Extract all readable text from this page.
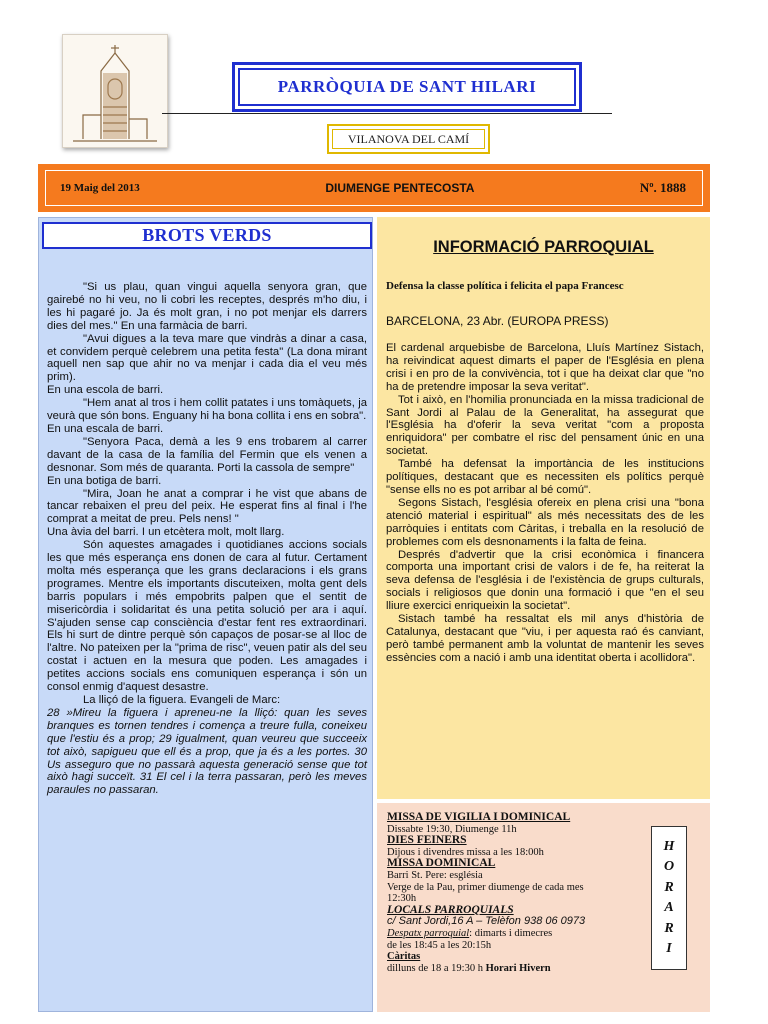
PARRÒQUIA DE SANT HILARI
VILANOVA DEL CAMÍ
19 Maig del 2013	DIUMENGE PENTECOSTA	Nº. 1888
BROTS VERDS

"Si us plau, quan vingui aquella senyora gran, que gairebé no hi veu, no li cobri les receptes, després m'ho diu, i les hi pagaré jo. Ja és molt gran, i no pot menjar els darrers dies del mes." En una farmàcia de barri.

"Avui digues a la teva mare que vindràs a dinar a casa, et convidem perquè celebrem una petita festa" (La dona mirant aquell nen sap que ahir no va menjar i cada dia el veu més prim).

En una escola de barri.

"Hem anat al tros i hem collit patates i uns tomàquets, ja veurà que són bons. Enguany hi ha bona collita i ens en sobra".

En una escala de barri.

"Senyora Paca, demà a les 9 ens trobarem al carrer davant de la casa de la família del Fermin que els venen a desnonar. Som més de quaranta. Porti la cassola de sempre"

En una botiga de barri.

"Mira, Joan he anat a comprar i he vist que abans de tancar rebaixen el preu del peix. He esperat fins al final i l'he comprat a meitat de preu. Pels nens! "

Una àvia del barri. I un etcètera molt, molt llarg.

Són aquestes amagades i quotidianes accions socials les que més esperança ens donen de cara al futur. Certament molta més esperança que les grans declaracions i els grans programes. Mentre els importants discuteixen, molta gent dels barris populars i més empobrits palpen que el sentit de misericòrdia i solidaritat és una petita solució per ara i aquí. S'ajuden sense cap consciència d'estar fent res extraordinari. Els hi surt de dintre perquè són capaços de posar-se al lloc de l'altre. No pateixen per la "prima de risc", veuen patir als del seu costat i actuen en la mesura que poden. Les amagades i petites accions socials ens comuniquen esperança i són un consol enmig d'aquest desastre.

La lliçó de la figuera. Evangeli de Marc:

28 »Mireu la figuera i apreneu-ne la lliçó: quan les seves branques es tornen tendres i comença a treure fulla, coneixeu que l'estiu és a prop; 29 igualment, quan veureu que succeeix tot això, sapigueu que ell és a prop, que ja és a les portes. 30 Us asseguro que no passarà aquesta generació sense que tot això hagi succeït. 31 El cel i la terra passaran, però les meves paraules no passaran.

INFORMACIÓ PARROQUIAL
Defensa la classe política i felicita el papa Francesc
BARCELONA, 23 Abr. (EUROPA PRESS)

El cardenal arquebisbe de Barcelona, Lluís Martínez Sistach, ha reivindicat aquest dimarts el paper de l'Església en plena crisi i en pro de la convivència, tot i que ha deixat clar que "no ha de pretendre imposar la seva veritat".

Tot i això, en l'homilia pronunciada en la missa tradicional de Sant Jordi al Palau de la Generalitat, ha assegurat que l'Església ha d'oferir la seva veritat "com a proposta enriquidora" per combatre el risc del pensament únic en una societat.

També ha defensat la importància de les institucions polítiques, destacant que es necessiten els polítics perquè "sense ells no es pot arribar al bé comú".

Segons Sistach, l'església ofereix en plena crisi una "bona atenció material i espiritual" als més necessitats des de les parròquies i entitats com Càritas, i treballa en la resolució de problemes com els desnonaments i la falta de feina.

Després d'advertir que la crisi econòmica i financera comporta una important crisi de valors i de fe, ha reiterat la seva defensa de l'església i de l'existència de grups culturals, socials i religiosos que donin una formació i que "en el seu lliure exercici enriqueixin la societat".

Sistach també ha ressaltat els mil anys d'història de Catalunya, destacant que "viu, i per aquesta raó és canviant, però també permanent amb la voluntat de mantenir les seves essències com a nació i amb una identitat oberta i acollidora".

MISSA DE VIGILIA I DOMINICAL
Dissabte 19:30, Diumenge 11h
DIES FEINERS
Dijous i divendres missa a les 18:00h
MISSA DOMINICAL
Barri St. Pere: església
Verge de la Pau, primer diumenge de cada mes
12:30h
LOCALS PARROQUIALS
c/ Sant Jordi,16 A – Telèfon 938 06 0973
Despatx parroquial: dimarts i dimecres
de les 18:45 a les 20:15h
Càritas
dilluns de 18 a 19:30 h Horari Hivern
H
O
R
A
R
I
